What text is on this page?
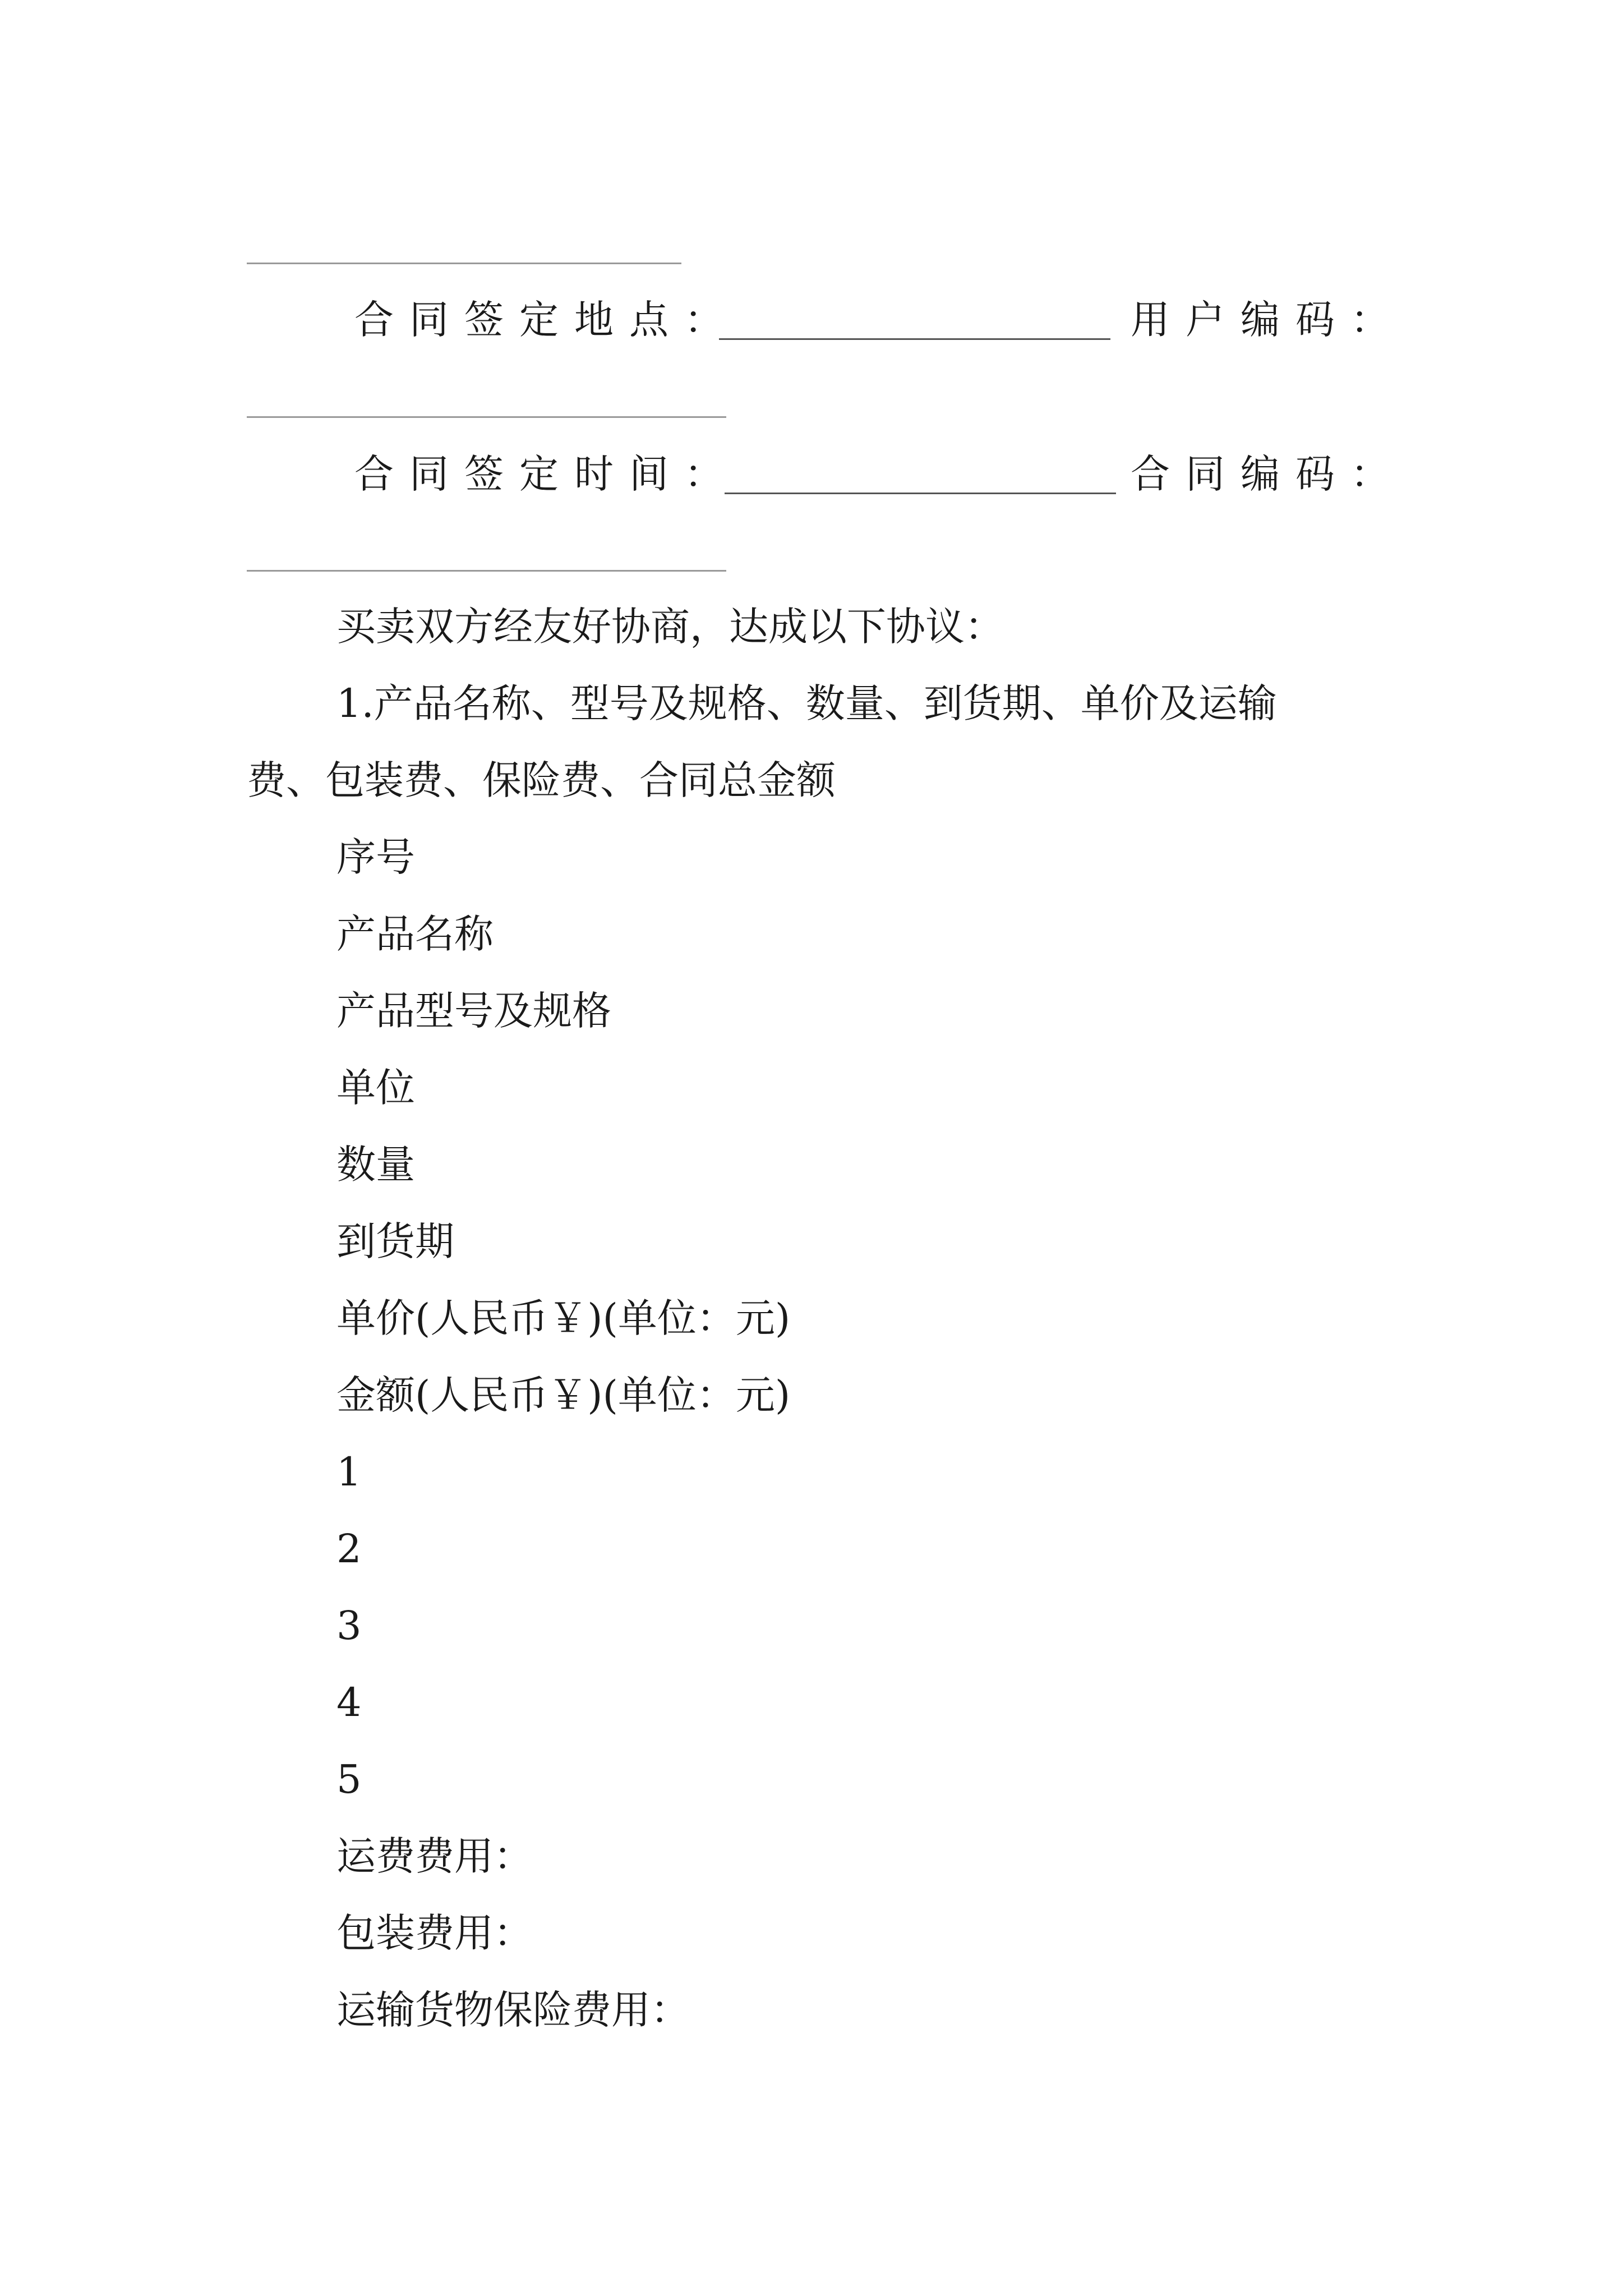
合同签定地点：	用户编码：
合同签定时间：	合同编码：
买卖双方经友好协商，达成以下协议：
1.产品名称、型号及规格、数量、到货期、单价及运输
费、包装费、保险费、合同总金额
序号
产品名称
产品型号及规格
单位
数量
到货期
单价(人民币￥)(单位：元)
金额(人民币￥)(单位：元)
1
2
3
4
5
运费费用：
包装费用：
运输货物保险费用：
